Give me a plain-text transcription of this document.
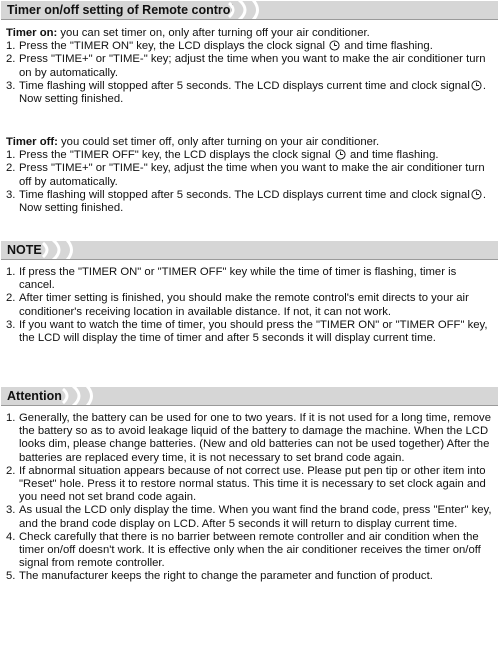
Timer on/off setting of Remote control
Timer on: you can set timer on, only after turning off your air conditioner.
1. Press the "TIMER ON" key, the LCD displays the clock signal  and time flashing.
2. Press "TIME+" or "TIME-" key; adjust the time when you want to make the air conditioner turn on by automatically.
3. Time flashing will stopped after 5 seconds. The LCD displays current time and clock signal . Now setting finished.
Timer off: you could set timer off, only after turning on your air conditioner.
1. Press the "TIMER OFF" key, the LCD displays the clock signal  and time flashing.
2. Press "TIME+" or "TIME-" key, adjust the time when you want to make the air conditioner turn off by automatically.
3. Time flashing will stopped after 5 seconds. The LCD displays current time and clock signal . Now setting finished.
NOTE
1. If press the "TIMER ON" or "TIMER OFF" key while the time of timer is flashing, timer is cancel.
2. After timer setting is finished, you should make the remote control's emit directs to your air conditioner's receiving location in available distance. If not, it can not work.
3. If you want to watch the time of timer, you should press the "TIMER ON" or "TIMER OFF" key, the LCD will display the time of timer and after 5 seconds it will display current time.
Attention
1. Generally, the battery can be used for one to two years. If it is not used for a long time, remove the battery so as to avoid leakage liquid of the battery to damage the machine. When the LCD looks dim, please change batteries. (New and old batteries can not be used together) After the batteries are replaced every time, it is not necessary to set brand code again.
2. If abnormal situation appears because of not correct use. Please put pen tip or other item into "Reset" hole. Press it to restore normal status. This time it is necessary to set clock again and you need not set brand code again.
3. As usual the LCD only display the time. When you want find the brand code, press "Enter" key, and the brand code display on LCD. After 5 seconds it will return to display current time.
4. Check carefully that there is no barrier between remote controller and air condition when the timer on/off doesn't work. It is effective only when the air conditioner receives the timer on/off signal from remote controller.
5. The manufacturer keeps the right to change the parameter and function of product.
